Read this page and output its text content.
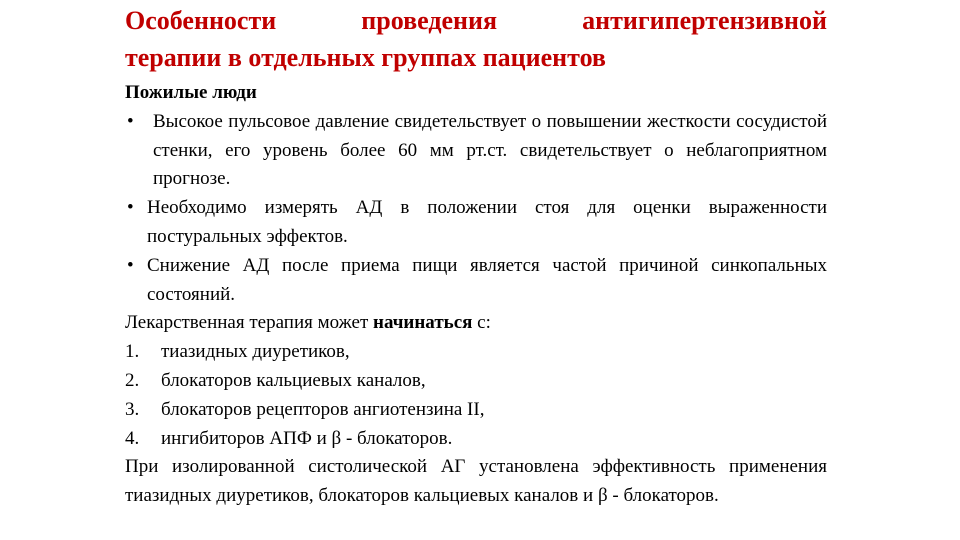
Особенности проведения антигипертензивной
терапии в отдельных группах пациентов
Пожилые люди
• Высокое пульсовое давление свидетельствует о повышении жесткости сосудистой стенки, его уровень более 60 мм рт.ст. свидетельствует о неблагоприятном прогнозе.
• Необходимо измерять АД в положении стоя для оценки выраженности постуральных эффектов.
• Снижение АД после приема пищи является частой причиной синкопальных состояний.
Лекарственная терапия может начинаться с:
1. тиазидных диуретиков,
2. блокаторов кальциевых каналов,
3. блокаторов рецепторов ангиотензина II,
4. ингибиторов АПФ и β - блокаторов.
При изолированной систолической АГ установлена эффективность применения тиазидных диуретиков, блокаторов кальциевых каналов и β - блокаторов.
